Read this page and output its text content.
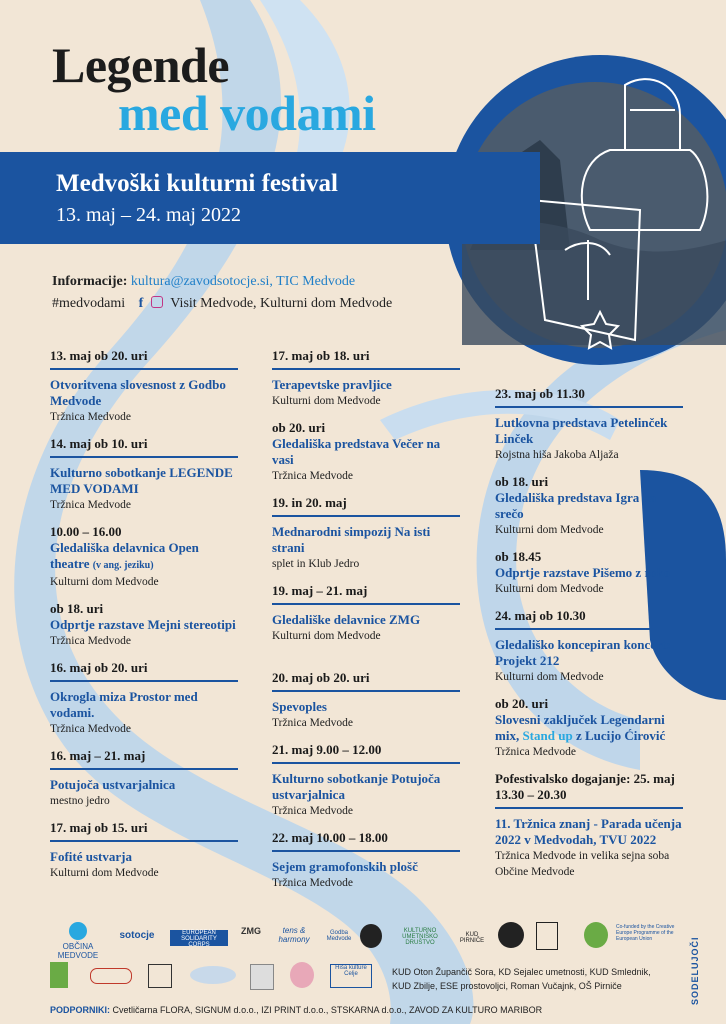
Legende
med vodami
Medvoški kulturni festival
13. maj – 24. maj 2022
Informacije: kultura@zavodsotocje.si, TIC Medvode
#medvodami f Visit Medvode, Kulturni dom Medvode
13. maj ob 20. uri
Otvoritvena slovesnost z Godbo Medvode
Tržnica Medvode
14. maj ob 10. uri
Kulturno sobotkanje LEGENDE MED VODAMI
Tržnica Medvode
10.00 – 16.00
Gledališka delavnica Open theatre (v ang. jeziku)
Kulturni dom Medvode
ob 18. uri
Odprtje razstave Mejni stereotipi
Tržnica Medvode
16. maj ob 20. uri
Okrogla miza Prostor med vodami.
Tržnica Medvode
16. maj – 21. maj
Potujoča ustvarjalnica
mestno jedro
17. maj ob 15. uri
Fofité ustvarja
Kulturni dom Medvode
17. maj ob 18. uri
Terapevtske pravljice
Kulturni dom Medvode
ob 20. uri
Gledališka predstava Večer na vasi
Tržnica Medvode
19. in 20. maj
Mednarodni simpozij Na isti strani
splet in Klub Jedro
19. maj – 21. maj
Gledališke delavnice ZMG
Kulturni dom Medvode
20. maj ob 20. uri
Spevoples
Tržnica Medvode
21. maj 9.00 – 12.00
Kulturno sobotkanje Potujoča ustvarjalnica
Tržnica Medvode
22. maj 10.00 – 18.00
Sejem gramofonskih plošč
Tržnica Medvode
23. maj ob 11.30
Lutkovna predstava Petelinček Linček
Rojstna hiša Jakoba Aljaža
ob 18. uri
Gledališka predstava Igra na srečo
Kulturni dom Medvode
ob 18.45
Odprtje razstave Pišemo z roko
Kulturni dom Medvode
24. maj ob 10.30
Gledališko koncepiran koncert: Projekt 212
Kulturni dom Medvode
ob 20. uri
Slovesni zaključek Legendarni mix, Stand up z Lucijo Ćirović
Tržnica Medvode
Pofestivalsko dogajanje: 25. maj 13.30 – 20.30
11. Tržnica znanj - Parada učenja 2022 v Medvodah, TVU 2022
Tržnica Medvode in velika sejna soba Občine Medvode
OBČINA MEDVODE
sotocje	EUROPEAN SOLIDARITY CORPS
ZMG	tens & harmony
Godba Medvode
KULTURNO UMETNIŠKO DRUŠTVO
KUD PIRNIČE
Co-funded by the Creative Europe Programme of the European Union
Hiša kulture Celje	KUD Oton Župančič Sora, KD Sejalec umetnosti, KUD Smlednik, KUD Zbilje, ESE prostovoljci, Roman Vučajnk, OŠ Pirniče
PODPORNIKI: Cvetličarna FLORA, SIGNUM d.o.o., IZI PRINT d.o.o., STSKARNA d.o.o., ZAVOD ZA KULTURO MARIBOR
SODELUJOČI
